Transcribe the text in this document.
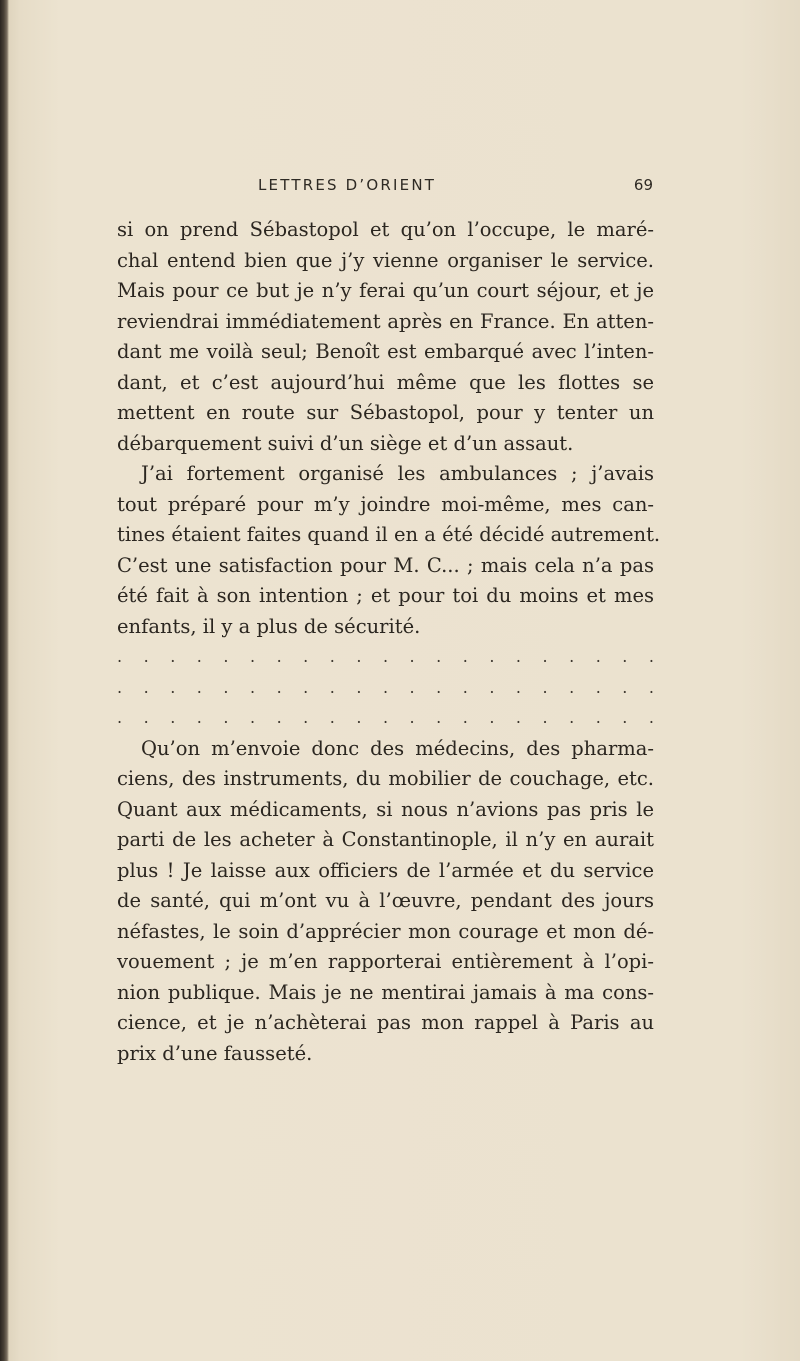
LETTRES D’ORIENT	69
si on prend Sébastopol et qu’on l’occupe, le maré-
chal entend bien que j’y vienne organiser le service.
Mais pour ce but je n’y ferai qu’un court séjour, et je
reviendrai immédiatement après en France. En atten-
dant me voilà seul; Benoît est embarqué avec l’inten-
dant, et c’est aujourd’hui même que les flottes se
mettent en route sur Sébastopol, pour y tenter un
débarquement suivi d’un siège et d’un assaut.
J’ai fortement organisé les ambulances ; j’avais
tout préparé pour m’y joindre moi-même, mes can-
tines étaient faites quand il en a été décidé autrement.
C’est une satisfaction pour M. C... ; mais cela n’a pas
été fait à son intention ; et pour toi du moins et mes
enfants, il y a plus de sécurité.
. . . . . . . . . . . . . . . . . . . . .
. . . . . . . . . . . . . . . . . . . . .
. . . . . . . . . . . . . . . . . . . . .
Qu’on m’envoie donc des médecins, des pharma-
ciens, des instruments, du mobilier de couchage, etc.
Quant aux médicaments, si nous n’avions pas pris le
parti de les acheter à Constantinople, il n’y en aurait
plus ! Je laisse aux officiers de l’armée et du service
de santé, qui m’ont vu à l’œuvre, pendant des jours
néfastes, le soin d’apprécier mon courage et mon dé-
vouement ; je m’en rapporterai entièrement à l’opi-
nion publique. Mais je ne mentirai jamais à ma cons-
cience, et je n’achèterai pas mon rappel à Paris au
prix d’une fausseté.
